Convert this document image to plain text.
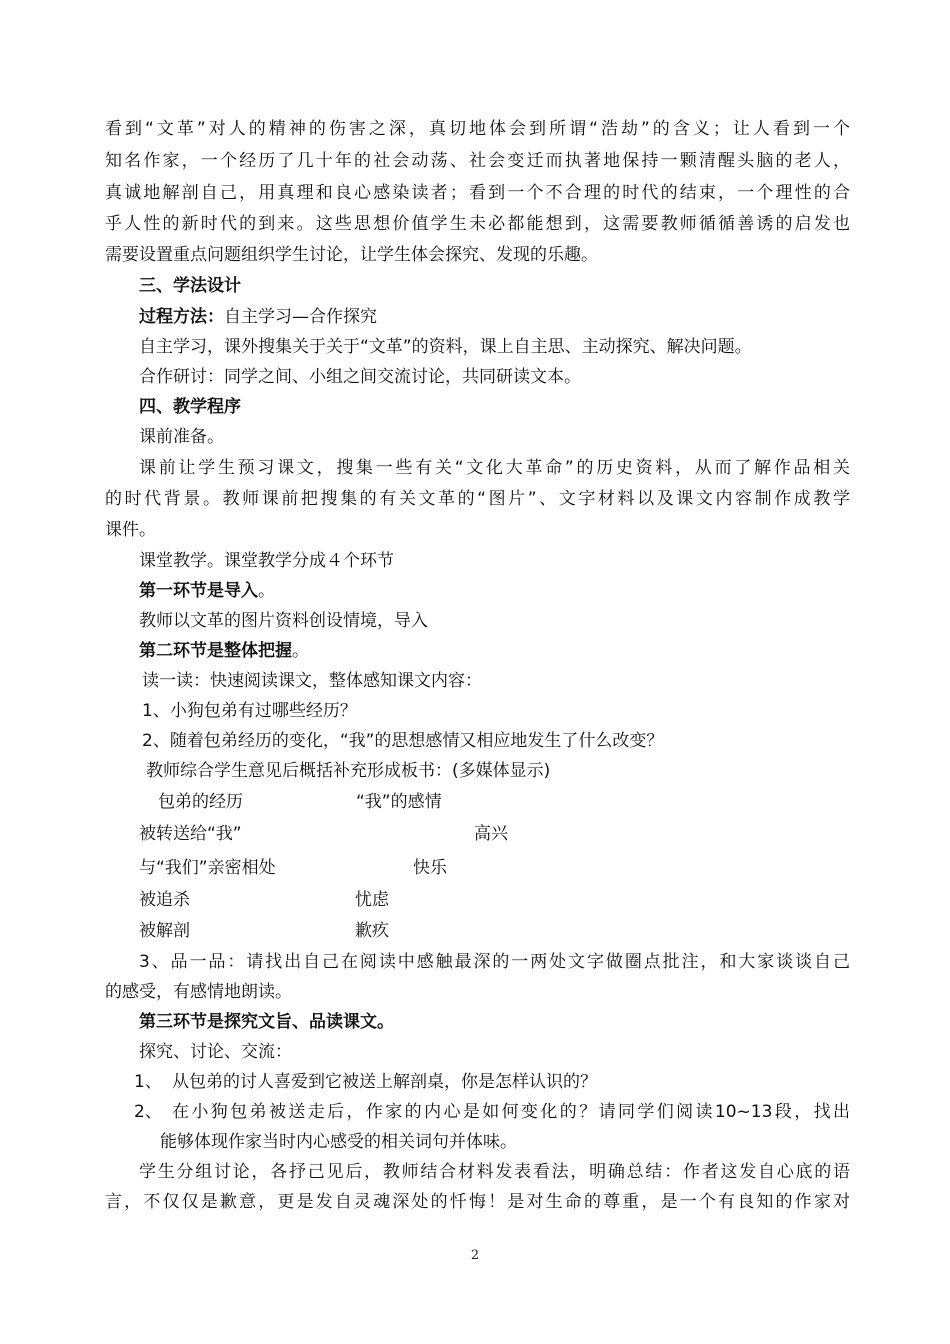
看到“文革”对人的精神的伤害之深，真切地体会到所谓“浩劫”的含义；让人看到一个
知名作家，一个经历了几十年的社会动荡、社会变迁而执著地保持一颗清醒头脑的老人，
真诚地解剖自己，用真理和良心感染读者；看到一个不合理的时代的结束，一个理性的合
乎人性的新时代的到来。这些思想价值学生未必都能想到，这需要教师循循善诱的启发也
需要设置重点问题组织学生讨论，让学生体会探究、发现的乐趣。
三、学法设计
过程方法：自主学习—合作探究
自主学习，课外搜集关于关于“文革”的资料，课上自主思、主动探究、解决问题。
合作研讨：同学之间、小组之间交流讨论，共同研读文本。
四、教学程序
课前准备。
课前让学生预习课文，搜集一些有关“文化大革命”的历史资料，从而了解作品相关
的时代背景。教师课前把搜集的有关文革的“图片”、文字材料以及课文内容制作成教学
课件。
课堂教学。课堂教学分成４个环节
第一环节是导入。
教师以文革的图片资料创设情境，导入
第二环节是整体把握。
读一读：快速阅读课文，整体感知课文内容：
1、小狗包弟有过哪些经历？
2、随着包弟经历的变化，“我”的思想感情又相应地发生了什么改变？
教师综合学生意见后概括补充形成板书：(多媒体显示)
包弟的经历	“我”的感情
被转送给“我”	高兴
与“我们”亲密相处	快乐
被追杀	忧虑
被解剖	歉疚
3、品一品：请找出自己在阅读中感触最深的一两处文字做圈点批注，和大家谈谈自己
的感受，有感情地朗读。
第三环节是探究文旨、品读课文。
探究、讨论、交流：
1、 从包弟的讨人喜爱到它被送上解剖桌，你是怎样认识的？
2、 在小狗包弟被送走后，作家的内心是如何变化的？请同学们阅读10~13段，找出
能够体现作家当时内心感受的相关词句并体味。
学生分组讨论，各抒己见后，教师结合材料发表看法，明确总结：作者这发自心底的语
言，不仅仅是歉意，更是发自灵魂深处的忏悔！是对生命的尊重，是一个有良知的作家对
2
